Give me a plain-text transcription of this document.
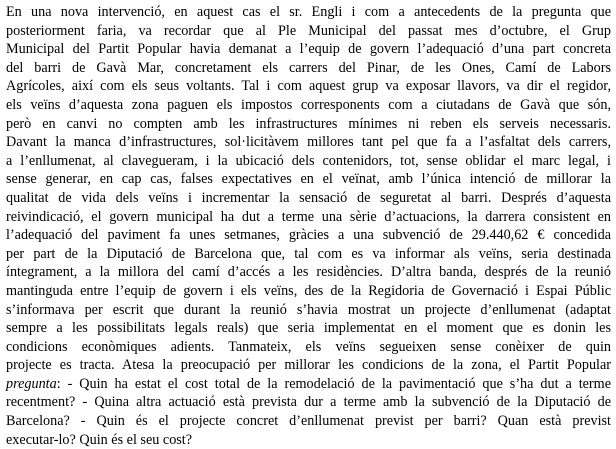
En una nova intervenció, en aquest cas el sr. Engli i com a antecedents de la pregunta que
posteriorment faria, va recordar que al Ple Municipal del passat mes d’octubre, el Grup
Municipal del Partit Popular havia demanat a l’equip de govern l’adequació d’una part concreta
del barri de Gavà Mar, concretament els carrers del Pinar, de les Ones, Camí de Labors
Agrícoles, així com els seus voltants. Tal i com aquest grup va exposar llavors, va dir el regidor,
els veïns d’aquesta zona paguen els impostos corresponents com a ciutadans de Gavà que són,
però en canvi no compten amb les infrastructures mínimes ni reben els serveis necessaris.
Davant la manca d’infrastructures, sol·licitàvem millores tant pel que fa a l’asfaltat dels carrers,
a l’enllumenat, al clavegueram, i la ubicació dels contenidors, tot, sense oblidar el marc legal, i
sense generar, en cap cas, falses expectatives en el veïnat, amb l’única intenció de millorar la
qualitat de vida dels veïns i incrementar la sensació de seguretat al barri. Després d’aquesta
reivindicació, el govern municipal ha dut a terme una sèrie d’actuacions, la darrera consistent en
l’adequació del paviment fa unes setmanes, gràcies a una subvenció de 29.440,62 € concedida
per part de la Diputació de Barcelona que, tal com es va informar als veïns, seria destinada
íntegrament, a la millora del camí d’accés a les residències. D’altra banda, després de la reunió
mantinguda entre l’equip de govern i els veïns, des de la Regidoria de Governació i Espai Públic
s’informava per escrit que durant la reunió s’havia mostrat un projecte d’enllumenat (adaptat
sempre a les possibilitats legals reals) que seria implementat en el moment que es donin les
condicions econòmiques adients. Tanmateix, els veïns segueixen sense conèixer de quin
projecte es tracta. Atesa la preocupació per millorar les condicions de la zona, el Partit Popular
pregunta: - Quin ha estat el cost total de la remodelació de la pavimentació que s’ha dut a terme
recentment? - Quina altra actuació està prevista dur a terme amb la subvenció de la Diputació de
Barcelona? - Quin és el projecte concret d’enllumenat previst per barri? Quan està previst
executar-lo? Quin és el seu cost?
